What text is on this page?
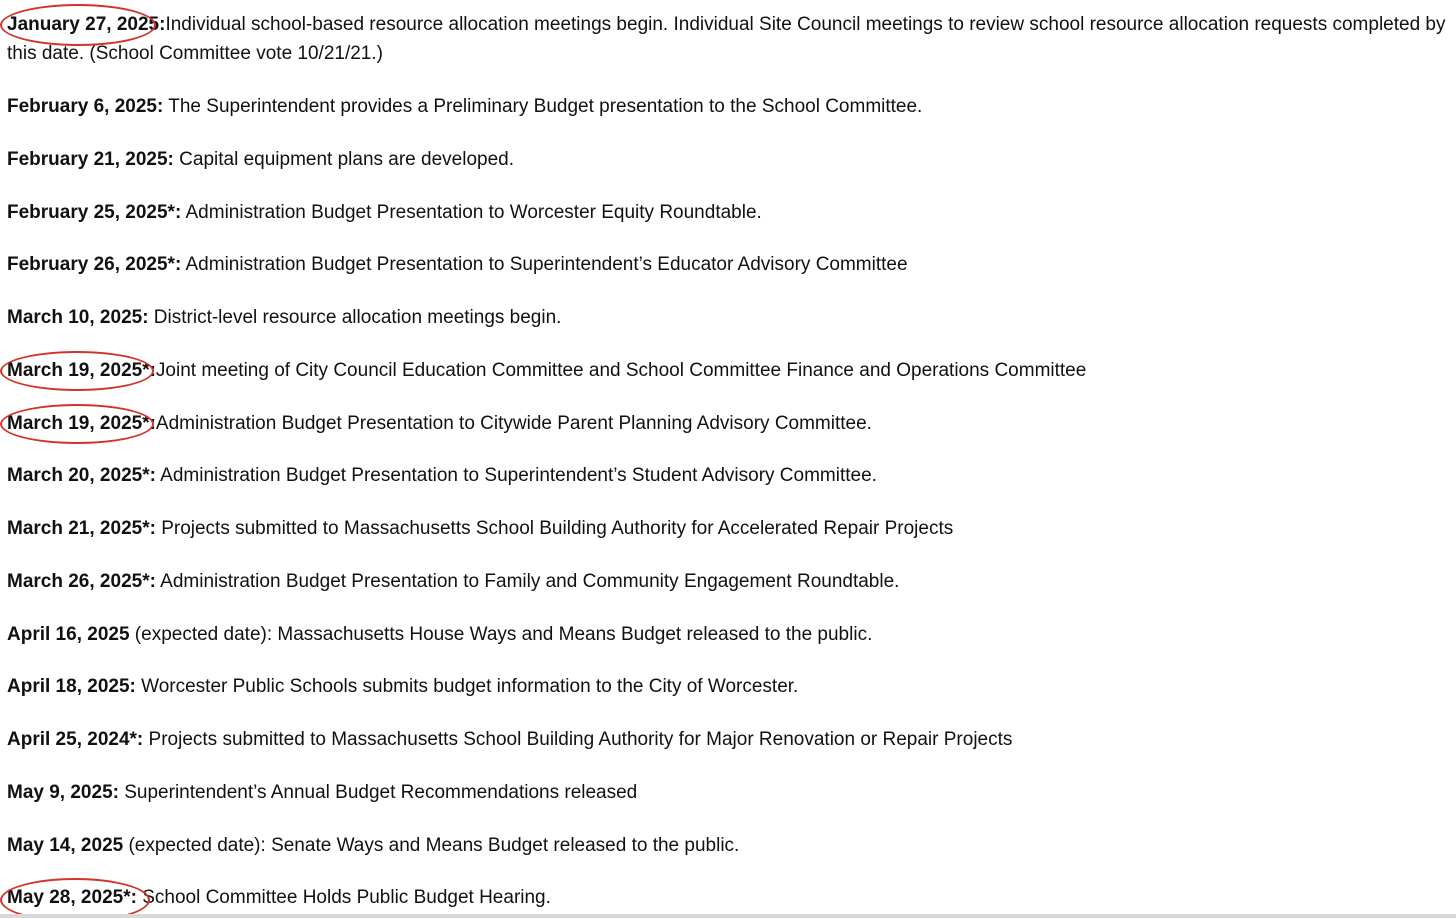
January 27, 2025:Individual school-based resource allocation meetings begin. Individual Site Council meetings to review school resource allocation requests completed by this date. (School Committee vote 10/21/21.)
February 6, 2025: The Superintendent provides a Preliminary Budget presentation to the School Committee.
February 21, 2025: Capital equipment plans are developed.
February 25, 2025*: Administration Budget Presentation to Worcester Equity Roundtable.
February 26, 2025*: Administration Budget Presentation to Superintendent’s Educator Advisory Committee
March 10, 2025: District-level resource allocation meetings begin.
March 19, 2025*:Joint meeting of City Council Education Committee and School Committee Finance and Operations Committee
March 19, 2025*:Administration Budget Presentation to Citywide Parent Planning Advisory Committee.
March 20, 2025*: Administration Budget Presentation to Superintendent’s Student Advisory Committee.
March 21, 2025*: Projects submitted to Massachusetts School Building Authority for Accelerated Repair Projects
March 26, 2025*: Administration Budget Presentation to Family and Community Engagement Roundtable.
April 16, 2025 (expected date): Massachusetts House Ways and Means Budget released to the public.
April 18, 2025: Worcester Public Schools submits budget information to the City of Worcester.
April 25, 2024*: Projects submitted to Massachusetts School Building Authority for Major Renovation or Repair Projects
May 9, 2025: Superintendent’s Annual Budget Recommendations released
May 14, 2025 (expected date): Senate Ways and Means Budget released to the public.
May 28, 2025*: School Committee Holds Public Budget Hearing.
